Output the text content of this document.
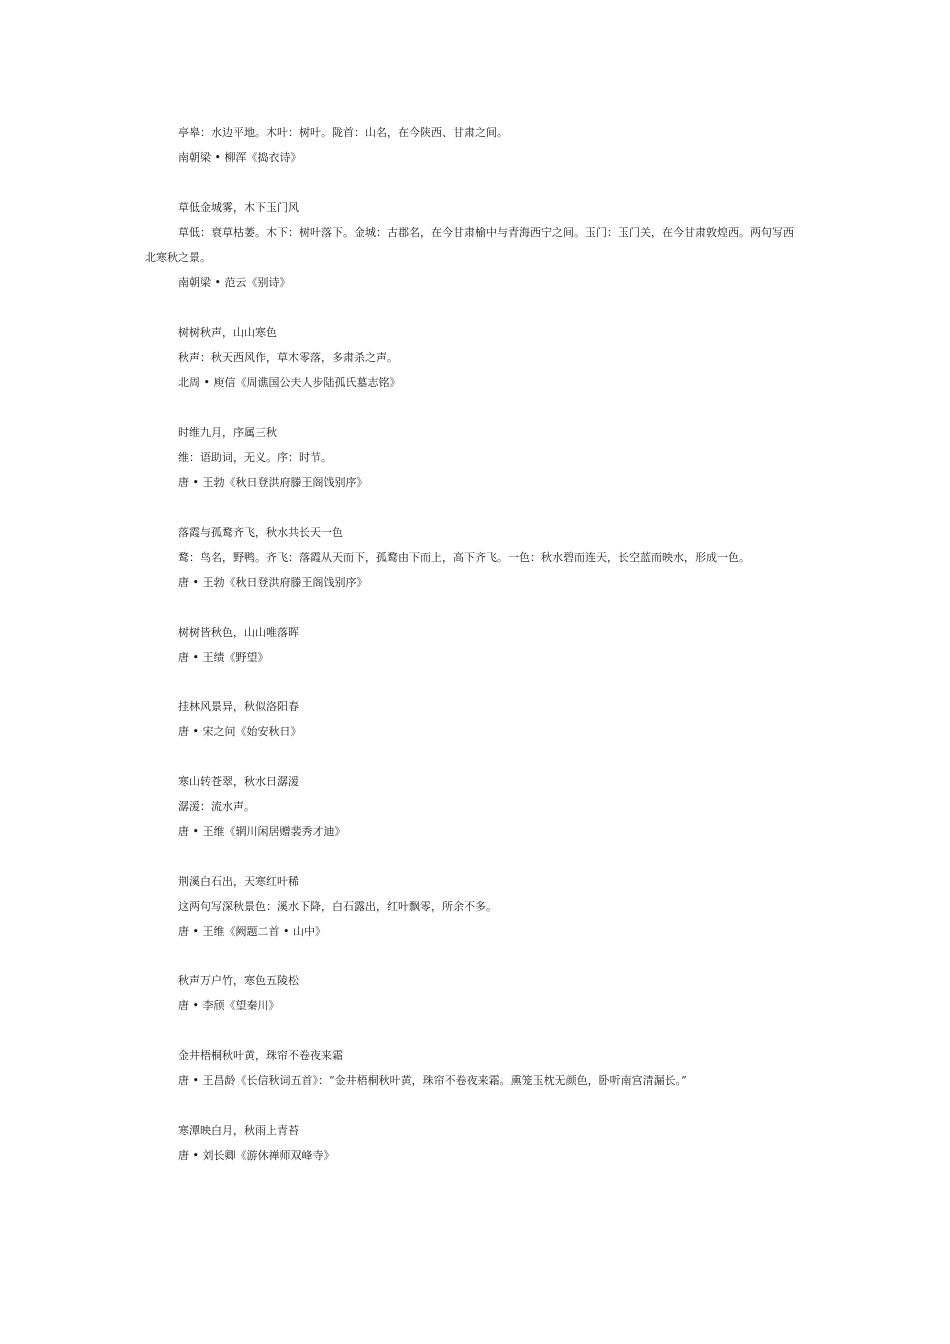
亭皋：水边平地。木叶：树叶。陇首：山名，在今陕西、甘肃之间。
南朝梁 • 柳浑《捣衣诗》
草低金城雾，木下玉门风
草低：衰草枯萎。木下：树叶落下。金城：古郡名，在今甘肃榆中与青海西宁之间。玉门：玉门关，在今甘肃敦煌西。两句写西
北寒秋之景。
南朝梁 • 范云《别诗》
树树秋声，山山寒色
秋声：秋天西风作，草木零落，多肃杀之声。
北周 • 庾信《周谯国公夫人步陆孤氏墓志铭》
时维九月，序属三秋
维：语助词，无义。序：时节。
唐 • 王勃《秋日登洪府滕王阁饯别序》
落霞与孤鹜齐飞，秋水共长天一色
鹜：鸟名，野鸭。齐飞：落霞从天而下，孤鹜由下而上，高下齐飞。一色：秋水碧而连天，长空蓝而映水，形成一色。
唐 • 王勃《秋日登洪府滕王阁饯别序》
树树皆秋色，山山唯落晖
唐 • 王绩《野望》
挂林风景异，秋似洛阳春
唐 • 宋之问《始安秋日》
寒山转苍翠，秋水日潺湲
潺湲：流水声。
唐 • 王维《辋川闲居赠裴秀才迪》
荆溪白石出，天寒红叶稀
这两句写深秋景色：溪水下降，白石露出，红叶飘零，所余不多。
唐 • 王维《阙题二首 • 山中》
秋声万户竹，寒色五陵松
唐 • 李颀《望秦川》
金井梧桐秋叶黄，珠帘不卷夜来霜
唐 • 王昌龄《长信秋词五首》：“金井梧桐秋叶黄，珠帘不卷夜来霜。熏笼玉枕无颜色，卧听南宫清漏长。”
寒潭映白月，秋雨上青苔
唐 • 刘长卿《游休禅师双峰寺》
